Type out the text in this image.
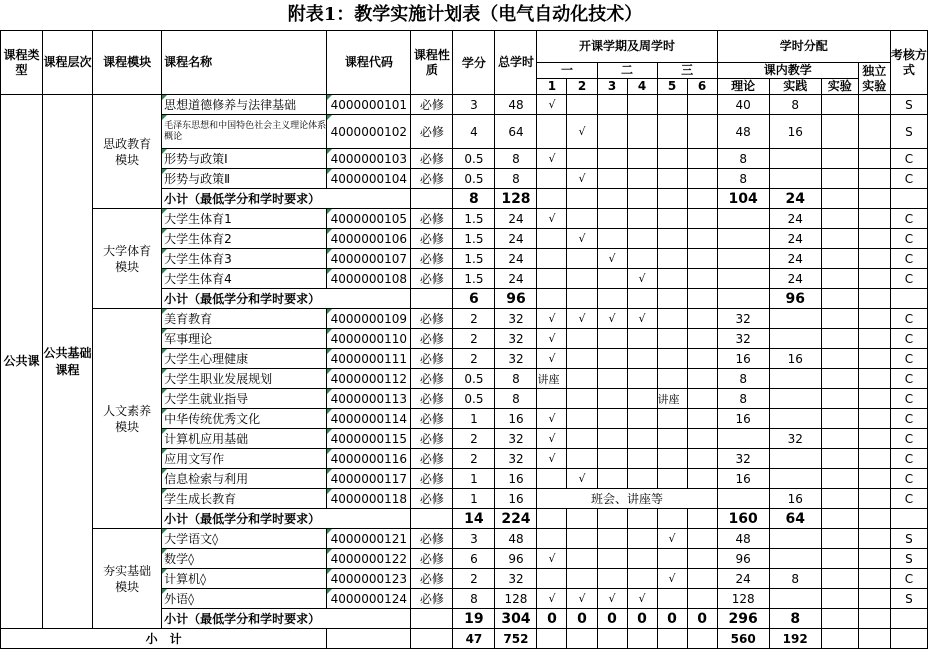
附表1：教学实施计划表（电气自动化技术）
课程类型	课程层次	课程模块	课程名称	课程代码	课程性质	学分	总学时	开课学期及周学时						学时分配				考核方式
								一		二		三		课内教学			独立实验	
								1	2	3	4	5	6	理论	实践	实验		
公共课	公共基础课程	思政教育模块	思想道德修养与法律基础	4000000101	必修	3	48	√						40	8			S
			毛泽东思想和中国特色社会主义理论体系概论	4000000102	必修	4	64		√					48	16			S
			形势与政策Ⅰ	4000000103	必修	0.5	8	√						8				C
			形势与政策Ⅱ	4000000104	必修	0.5	8		√					8				C
			小计（最低学分和学时要求）			8	128							104	24			
		大学体育模块	大学生体育1	4000000105	必修	1.5	24	√							24			C
			大学生体育2	4000000106	必修	1.5	24		√						24			C
			大学生体育3	4000000107	必修	1.5	24			√					24			C
			大学生体育4	4000000108	必修	1.5	24				√				24			C
			小计（最低学分和学时要求）			6	96								96			
		人文素养模块	美育教育	4000000109	必修	2	32	√	√	√	√			32				C
			军事理论	4000000110	必修	2	32	√						32				C
			大学生心理健康	4000000111	必修	2	32	√						16	16			C
			大学生职业发展规划	4000000112	必修	0.5	8	讲座						8				C
			大学生就业指导	4000000113	必修	0.5	8					讲座		8				C
			中华传统优秀文化	4000000114	必修	1	16	√						16				C
			计算机应用基础	4000000115	必修	2	32	√							32			C
			应用文写作	4000000116	必修	2	32	√						32				C
			信息检索与利用	4000000117	必修	1	16		√					16				C
			学生成长教育	4000000118	必修	1	16	班会、讲座等							16			C
			小计（最低学分和学时要求）			14	224							160	64			
		夯实基础模块	大学语文◊	4000000121	必修	3	48					√		48				S
			数学◊	4000000122	必修	6	96	√						96				S
			计算机◊	4000000123	必修	2	32					√		24	8			C
			外语◊	4000000124	必修	8	128	√	√	√	√			128				S
			小计（最低学分和学时要求）			19	304	0	0	0	0	0	0	296	8			
小　计						47	752							560	192			
